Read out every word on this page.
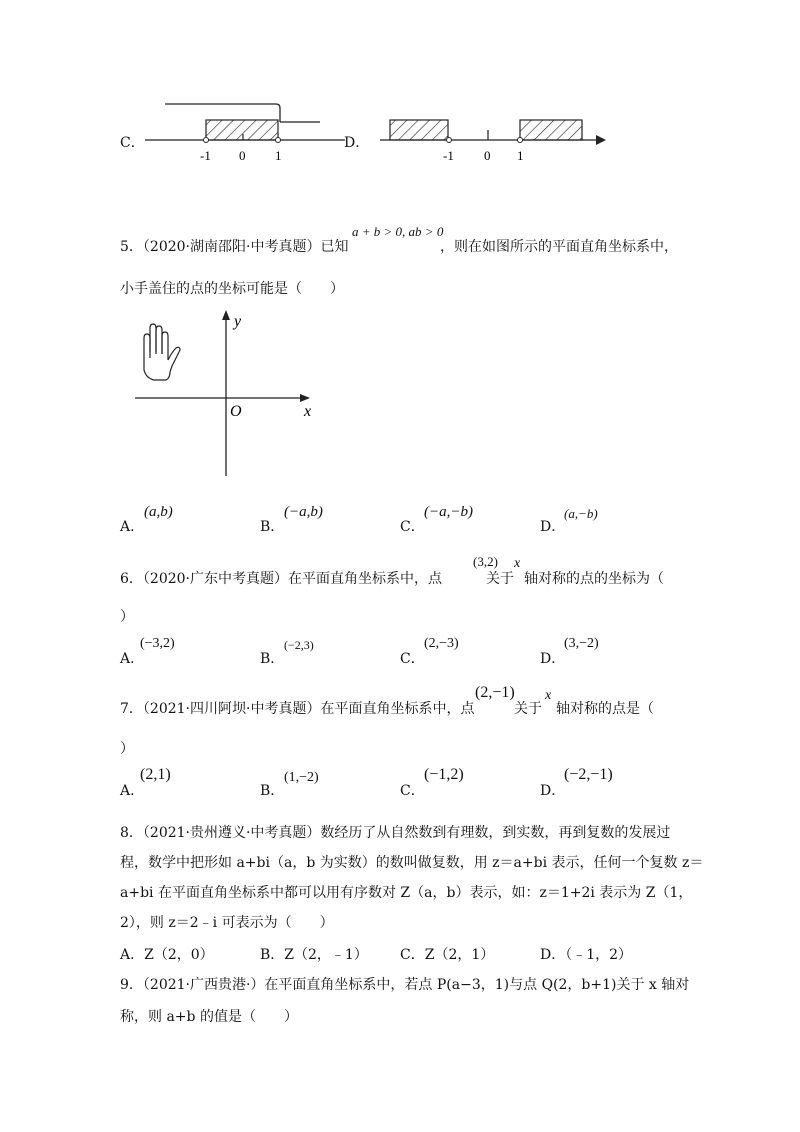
C．
-1 0 1
D．
-1 0 1
5．（2020·湖南邵阳·中考真题）已知
a + b > 0, ab > 0
，则在如图所示的平面直角坐标系中，
小手盖住的点的坐标可能是（　　）
y
x
O
A．
(a,b)
B．
(−a,b)
C．
(−a,−b)
D．
(a,−b)
6．（2020·广东中考真题）在平面直角坐标系中，点
(3,2)
关于
x
轴对称的点的坐标为（
）
A．
(−3,2)
B．
(−2,3)
C．
(2,−3)
D．
(3,−2)
7．（2021·四川阿坝·中考真题）在平面直角坐标系中，点
(2,−1)
关于
x
轴对称的点是（
）
A．
(2,1)
B．
(1,−2)
C．
(−1,2)
D．
(−2,−1)
8．（2021·贵州遵义·中考真题）数经历了从自然数到有理数，到实数，再到复数的发展过
程，数学中把形如 a+bi（a，b 为实数）的数叫做复数，用 z＝a+bi 表示，任何一个复数 z＝
a+bi 在平面直角坐标系中都可以用有序数对 Z（a，b）表示，如：z＝1+2i 表示为 Z（1，
2），则 z＝2﹣i 可表示为（　　）
A．Z（2，0）	B．Z（2，﹣1） C．Z（2，1）	D．（﹣1，2）
9．（2021·广西贵港·）在平面直角坐标系中，若点 P(a−3，1)与点 Q(2，b+1)关于 x 轴对
称，则 a+b 的值是（　　）
